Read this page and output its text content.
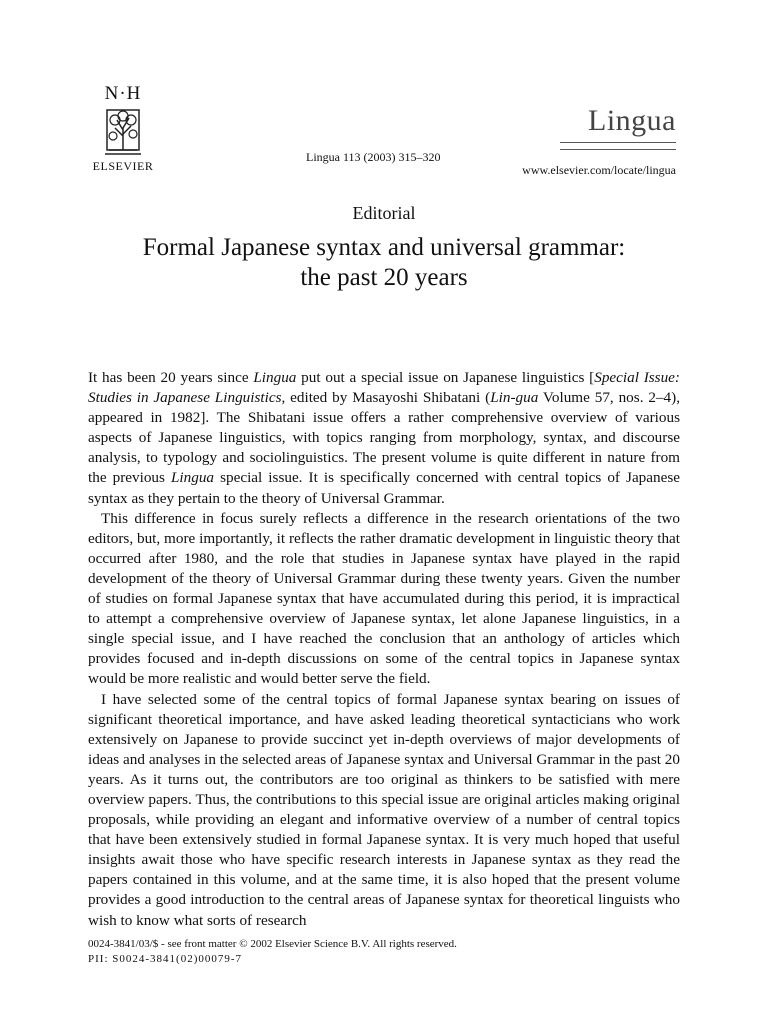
N·H
ELSEVIER
Lingua 113 (2003) 315–320
Lingua
www.elsevier.com/locate/lingua
Editorial
Formal Japanese syntax and universal grammar:
the past 20 years

It has been 20 years since Lingua put out a special issue on Japanese linguistics [Special Issue: Studies in Japanese Linguistics, edited by Masayoshi Shibatani (Lin-gua Volume 57, nos. 2–4), appeared in 1982]. The Shibatani issue offers a rather comprehensive overview of various aspects of Japanese linguistics, with topics ranging from morphology, syntax, and discourse analysis, to typology and sociolinguistics. The present volume is quite different in nature from the previous Lingua special issue. It is specifically concerned with central topics of Japanese syntax as they pertain to the theory of Universal Grammar.

This difference in focus surely reflects a difference in the research orientations of the two editors, but, more importantly, it reflects the rather dramatic development in linguistic theory that occurred after 1980, and the role that studies in Japanese syntax have played in the rapid development of the theory of Universal Grammar during these twenty years. Given the number of studies on formal Japanese syntax that have accumulated during this period, it is impractical to attempt a comprehensive overview of Japanese syntax, let alone Japanese linguistics, in a single special issue, and I have reached the conclusion that an anthology of articles which provides focused and in-depth discussions on some of the central topics in Japanese syntax would be more realistic and would better serve the field.

I have selected some of the central topics of formal Japanese syntax bearing on issues of significant theoretical importance, and have asked leading theoretical syntacticians who work extensively on Japanese to provide succinct yet in-depth overviews of major developments of ideas and analyses in the selected areas of Japanese syntax and Universal Grammar in the past 20 years. As it turns out, the contributors are too original as thinkers to be satisfied with mere overview papers. Thus, the contributions to this special issue are original articles making original proposals, while providing an elegant and informative overview of a number of central topics that have been extensively studied in formal Japanese syntax. It is very much hoped that useful insights await those who have specific research interests in Japanese syntax as they read the papers contained in this volume, and at the same time, it is also hoped that the present volume provides a good introduction to the central areas of Japanese syntax for theoretical linguists who wish to know what sorts of research

0024-3841/03/$ - see front matter © 2002 Elsevier Science B.V. All rights reserved.
PII: S0024-3841(02)00079-7
